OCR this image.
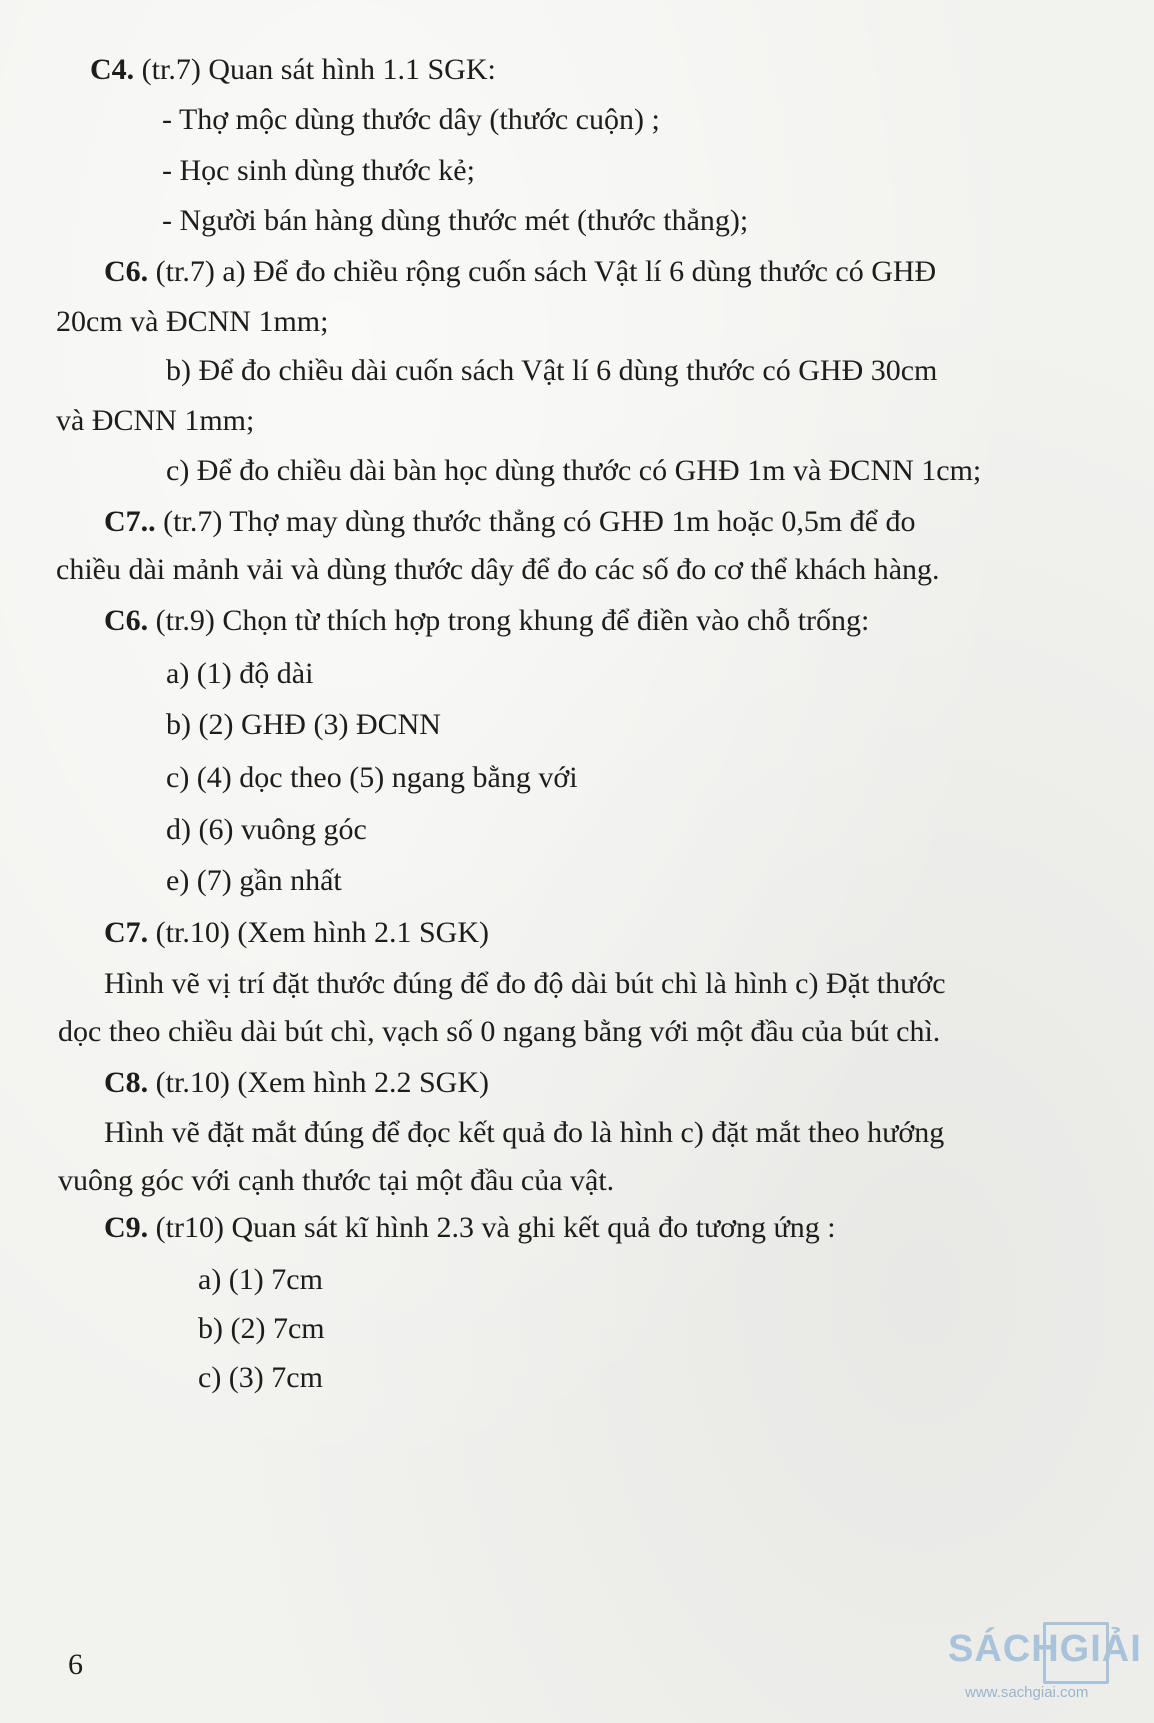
C4. (tr.7) Quan sát hình 1.1 SGK:
- Thợ mộc dùng thước dây (thước cuộn) ;
- Học sinh dùng thước kẻ;
- Người bán hàng dùng thước mét (thước thẳng);
C6. (tr.7) a) Để đo chiều rộng cuốn sách Vật lí 6 dùng thước có GHĐ
20cm và ĐCNN 1mm;
b) Để đo chiều dài cuốn sách Vật lí 6 dùng thước có GHĐ 30cm
và ĐCNN 1mm;
c) Để đo chiều dài bàn học dùng thước có GHĐ 1m và ĐCNN 1cm;
C7.. (tr.7) Thợ may dùng thước thẳng có GHĐ 1m hoặc 0,5m để đo
chiều dài mảnh vải và dùng thước dây để đo các số đo cơ thể khách hàng.
C6. (tr.9) Chọn từ thích hợp trong khung để điền vào chỗ trống:
a) (1) độ dài
b) (2) GHĐ (3) ĐCNN
c) (4) dọc theo (5) ngang bằng với
d) (6) vuông góc
e) (7) gần nhất
C7. (tr.10) (Xem hình 2.1 SGK)
Hình vẽ vị trí đặt thước đúng để đo độ dài bút chì là hình c) Đặt thước
dọc theo chiều dài bút chì, vạch số 0 ngang bằng với một đầu của bút chì.
C8. (tr.10) (Xem hình 2.2 SGK)
Hình vẽ đặt mắt đúng để đọc kết quả đo là hình c) đặt mắt theo hướng
vuông góc với cạnh thước tại một đầu của vật.
C9. (tr10) Quan sát kĩ hình 2.3 và ghi kết quả đo tương ứng :
a) (1) 7cm
b) (2) 7cm
c) (3) 7cm
6	SÁCHGIẢI
www.sachgiai.com
